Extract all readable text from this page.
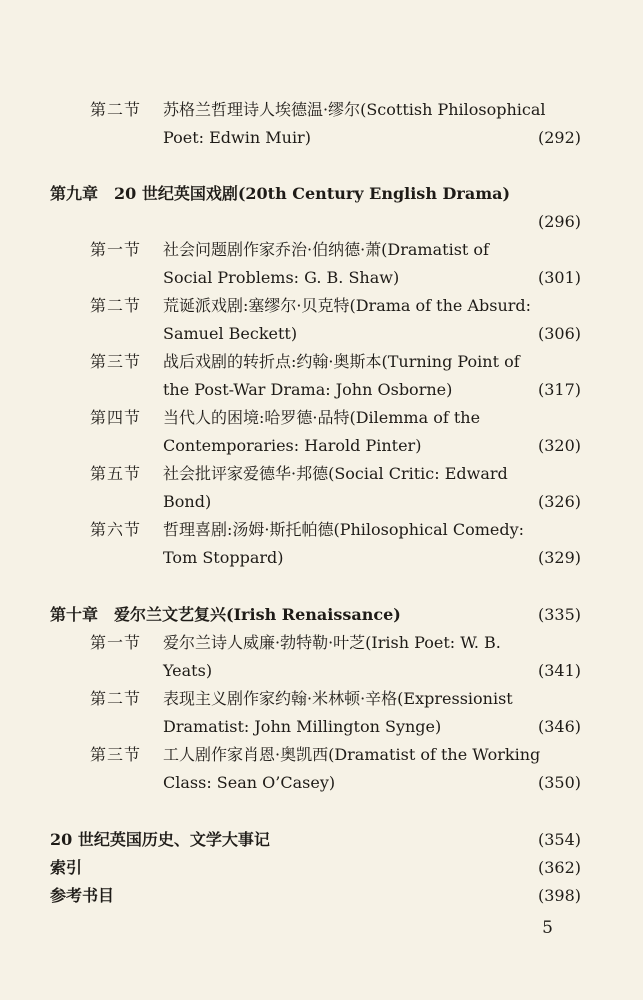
第二节 苏格兰哲理诗人埃德温·缪尔(Scottish Philosophical
Poet: Edwin Muir)	(292)
第九章　20 世纪英国戏剧(20th Century English Drama)
(296)
第一节 社会问题剧作家乔治·伯纳德·萧(Dramatist of
Social Problems: G. B. Shaw)	(301)
第二节 荒诞派戏剧:塞缪尔·贝克特(Drama of the Absurd:
Samuel Beckett)	(306)
第三节 战后戏剧的转折点:约翰·奥斯本(Turning Point of
the Post-War Drama: John Osborne)	(317)
第四节 当代人的困境:哈罗德·品特(Dilemma of the
Contemporaries: Harold Pinter)	(320)
第五节 社会批评家爱德华·邦德(Social Critic: Edward
Bond)	(326)
第六节 哲理喜剧:汤姆·斯托帕德(Philosophical Comedy:
Tom Stoppard)	(329)
第十章　爱尔兰文艺复兴(Irish Renaissance)	(335)
第一节 爱尔兰诗人威廉·勃特勒·叶芝(Irish Poet: W. B.
Yeats)	(341)
第二节 表现主义剧作家约翰·米林顿·辛格(Expressionist
Dramatist: John Millington Synge)	(346)
第三节 工人剧作家肖恩·奥凯西(Dramatist of the Working
Class: Sean O’Casey)	(350)
20 世纪英国历史、文学大事记	(354)
索引	(362)
参考书目	(398)
5
